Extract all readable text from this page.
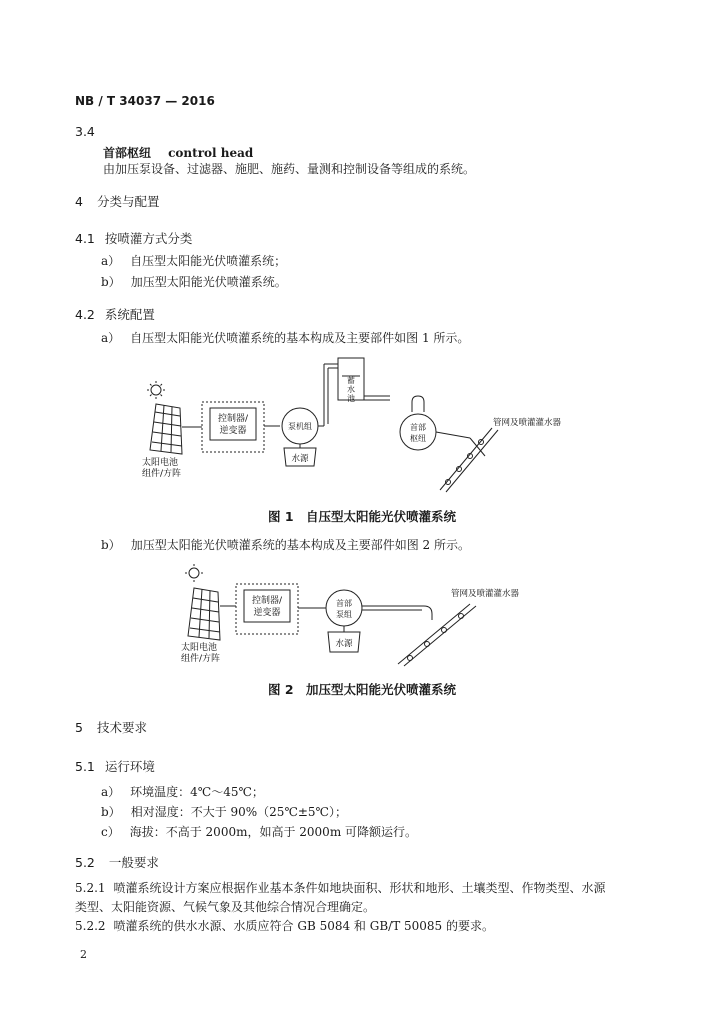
NB / T 34037 — 2016
3.4
首部枢纽 control head
由加压泵设备、过滤器、施肥、施药、量测和控制设备等组成的系统。
4 分类与配置
4.1 按喷灌方式分类
a） 自压型太阳能光伏喷灌系统；
b） 加压型太阳能光伏喷灌系统。
4.2 系统配置
a） 自压型太阳能光伏喷灌系统的基本构成及主要部件如图 1 所示。
太阳电池
组件/方阵
控制器/
逆变器	泵机组
水源
蓄
水
池
首部
枢纽
管网及喷灌灌水器
图 1　自压型太阳能光伏喷灌系统
b） 加压型太阳能光伏喷灌系统的基本构成及主要部件如图 2 所示。
太阳电池
组件/方阵
控制器/
逆变器
首部
泵组
水源
管网及喷灌灌水器
图 2　加压型太阳能光伏喷灌系统
5 技术要求
5.1 运行环境
a） 环境温度：4℃～45℃；
b） 相对湿度：不大于 90%（25℃±5℃）；
c） 海拔：不高于 2000m，如高于 2000m 可降额运行。
5.2 一般要求
5.2.1 喷灌系统设计方案应根据作业基本条件如地块面积、形状和地形、土壤类型、作物类型、水源
类型、太阳能资源、气候气象及其他综合情况合理确定。
5.2.2 喷灌系统的供水水源、水质应符合 GB 5084 和 GB/T 50085 的要求。
2
